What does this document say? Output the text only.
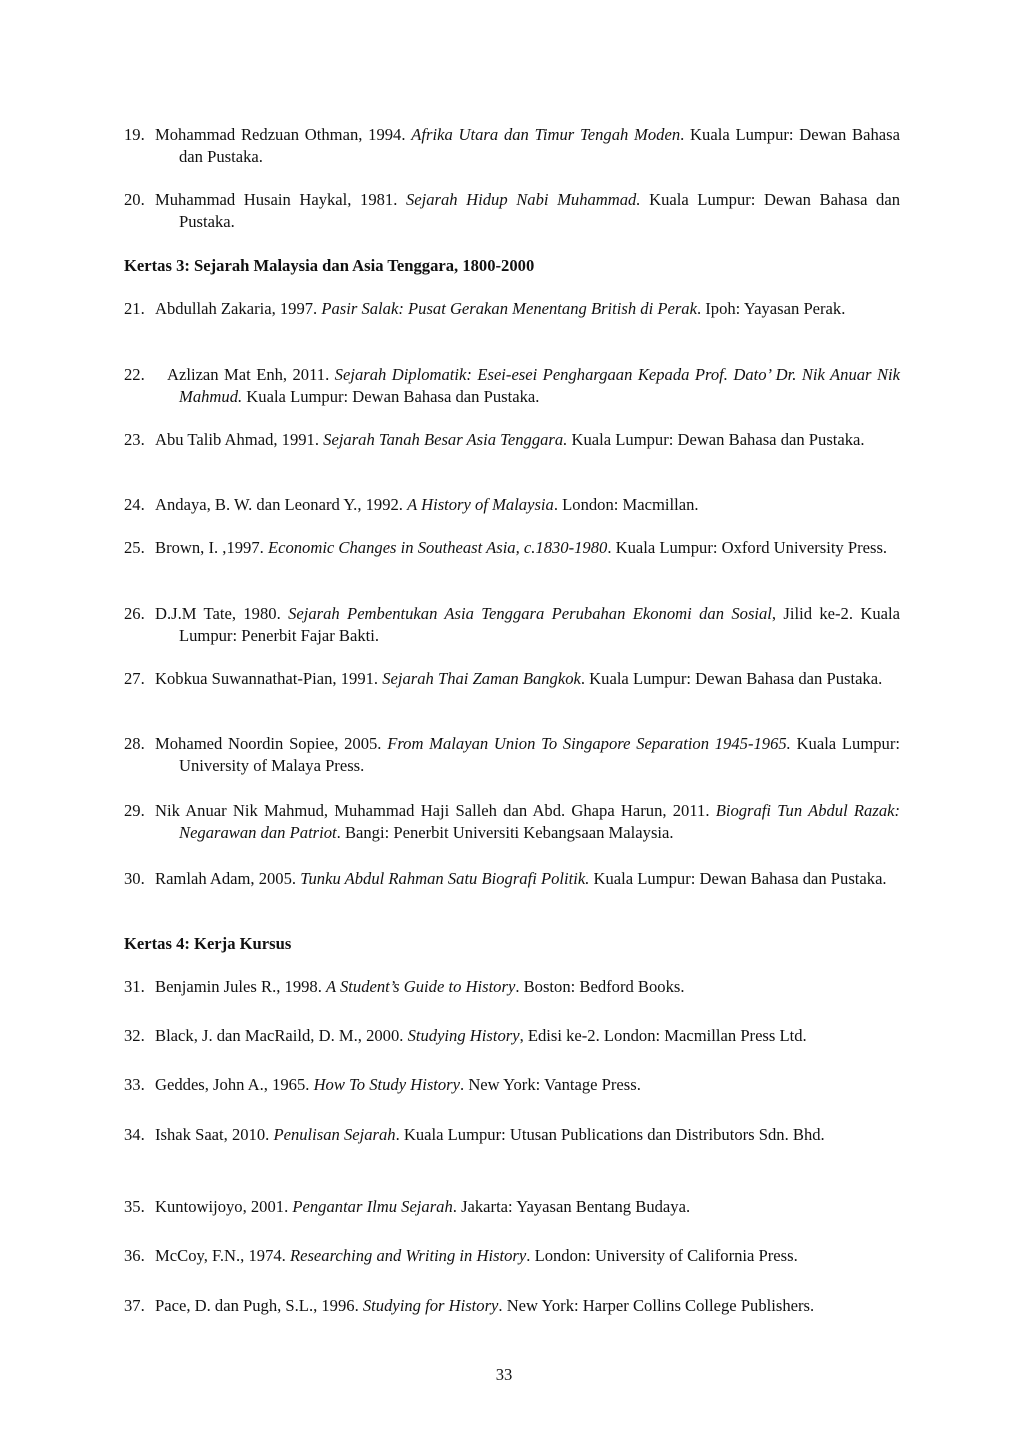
19. Mohammad Redzuan Othman, 1994. Afrika Utara dan Timur Tengah Moden. Kuala Lumpur: Dewan Bahasa dan Pustaka.
20. Muhammad Husain Haykal, 1981. Sejarah Hidup Nabi Muhammad. Kuala Lumpur: Dewan Bahasa dan Pustaka.
Kertas 3: Sejarah Malaysia dan Asia Tenggara, 1800-2000
21. Abdullah Zakaria, 1997. Pasir Salak: Pusat Gerakan Menentang British di Perak. Ipoh: Yayasan Perak.
22.	Azlizan Mat Enh, 2011. Sejarah Diplomatik: Esei-esei Penghargaan Kepada Prof. Dato’ Dr. Nik Anuar Nik Mahmud. Kuala Lumpur: Dewan Bahasa dan Pustaka.
23. Abu Talib Ahmad, 1991. Sejarah Tanah Besar Asia Tenggara. Kuala Lumpur: Dewan Bahasa dan Pustaka.
24. Andaya, B. W. dan Leonard Y., 1992. A History of Malaysia. London: Macmillan.
25. Brown, I. ,1997. Economic Changes in Southeast Asia, c.1830-1980. Kuala Lumpur: Oxford University Press.
26. D.J.M Tate, 1980. Sejarah Pembentukan Asia Tenggara Perubahan Ekonomi dan Sosial, Jilid ke-2. Kuala Lumpur: Penerbit Fajar Bakti.
27. Kobkua Suwannathat-Pian, 1991. Sejarah Thai Zaman Bangkok. Kuala Lumpur: Dewan Bahasa dan Pustaka.
28. Mohamed Noordin Sopiee, 2005. From Malayan Union To Singapore Separation 1945-1965. Kuala Lumpur: University of Malaya Press.
29. Nik Anuar Nik Mahmud, Muhammad Haji Salleh dan Abd. Ghapa Harun, 2011. Biografi Tun Abdul Razak: Negarawan dan Patriot. Bangi: Penerbit Universiti Kebangsaan Malaysia.
30. Ramlah Adam, 2005. Tunku Abdul Rahman Satu Biografi Politik. Kuala Lumpur: Dewan Bahasa dan Pustaka.
Kertas 4: Kerja Kursus
31. Benjamin Jules R., 1998. A Student’s Guide to History. Boston: Bedford Books.
32. Black, J. dan MacRaild, D. M., 2000. Studying History, Edisi ke-2. London: Macmillan Press Ltd.
33. Geddes, John A., 1965. How To Study History. New York: Vantage Press.
34. Ishak Saat, 2010. Penulisan Sejarah. Kuala Lumpur: Utusan Publications dan Distributors Sdn. Bhd.
35. Kuntowijoyo, 2001. Pengantar Ilmu Sejarah. Jakarta: Yayasan Bentang Budaya.
36. McCoy, F.N., 1974. Researching and Writing in History. London: University of California Press.
37. Pace, D. dan Pugh, S.L., 1996. Studying for History. New York: Harper Collins College Publishers.
33
